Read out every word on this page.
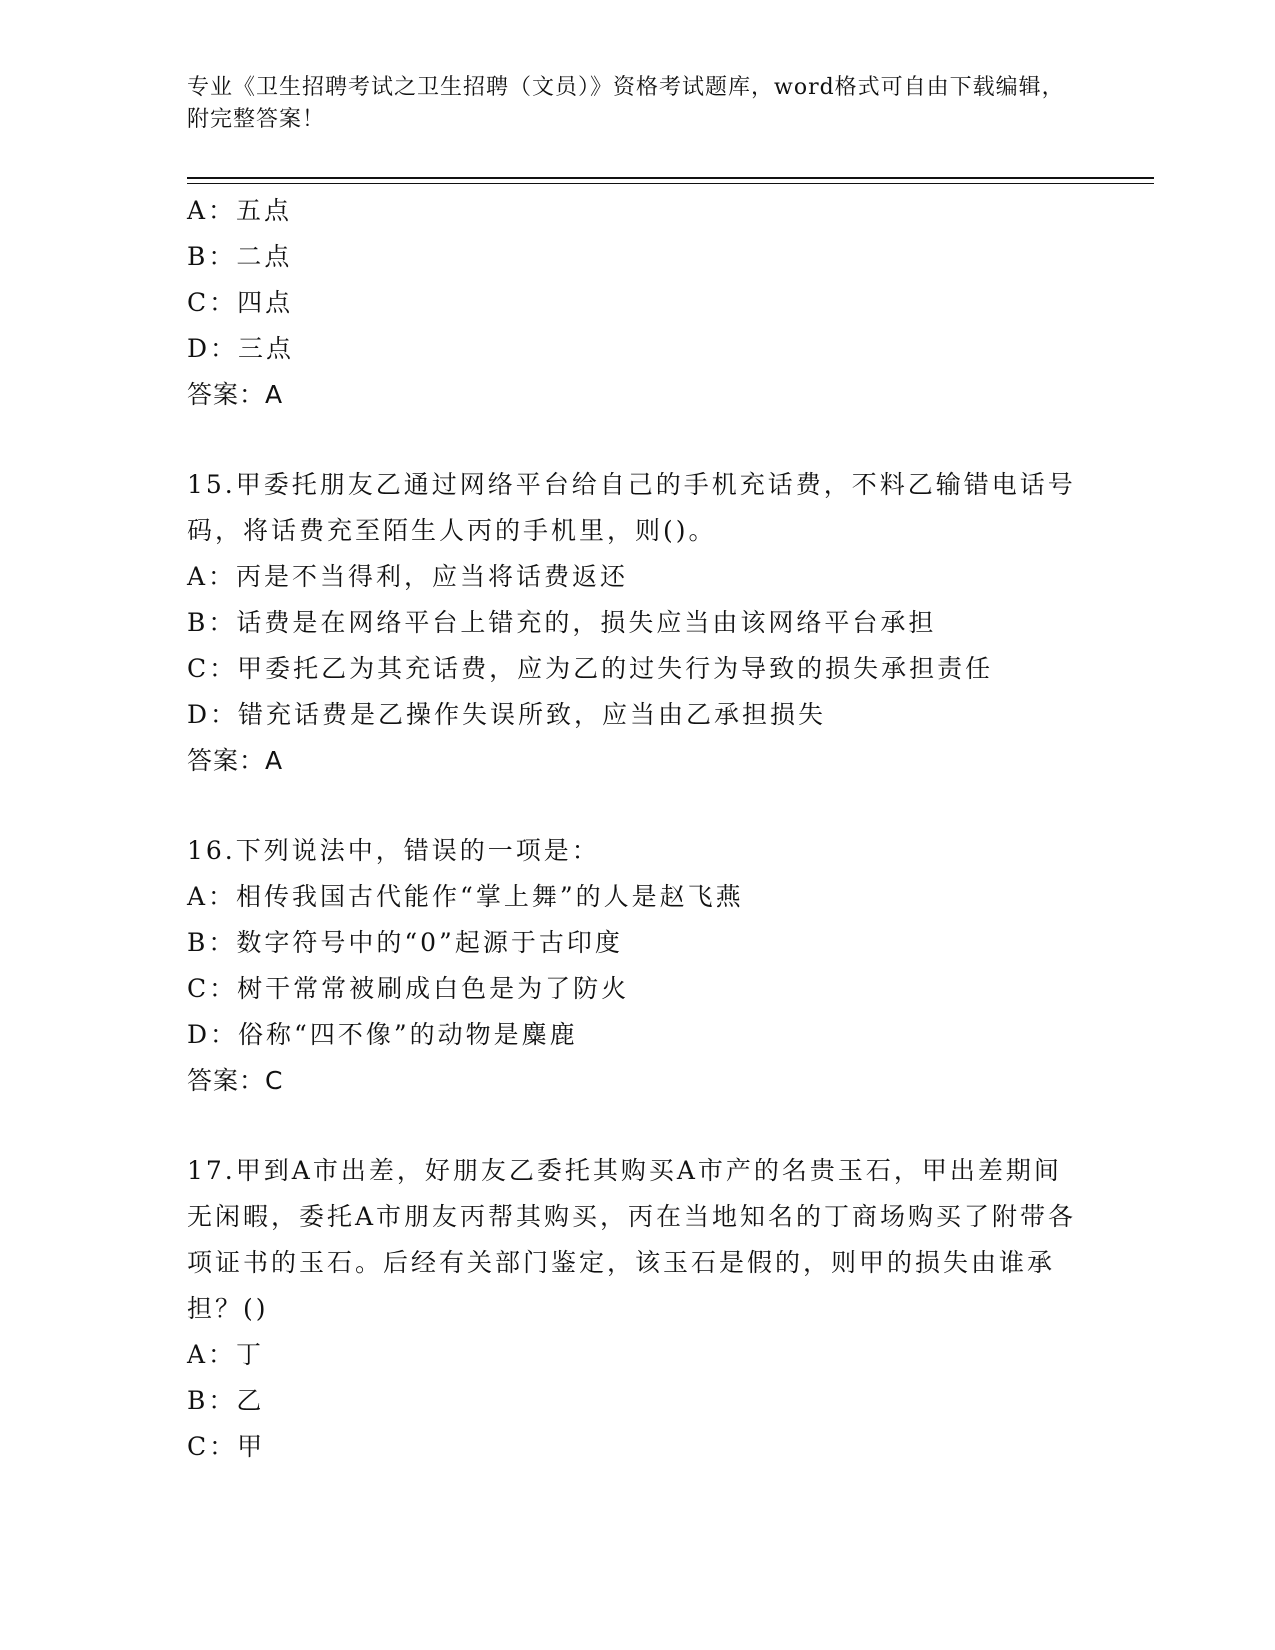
专业《卫生招聘考试之卫生招聘（文员）》资格考试题库，word格式可自由下载编辑，附完整答案！
A：五点
B：二点
C：四点
D：三点
答案：A
15.甲委托朋友乙通过网络平台给自己的手机充话费，不料乙输错电话号码，将话费充至陌生人丙的手机里，则()。
A：丙是不当得利，应当将话费返还
B：话费是在网络平台上错充的，损失应当由该网络平台承担
C：甲委托乙为其充话费，应为乙的过失行为导致的损失承担责任
D：错充话费是乙操作失误所致，应当由乙承担损失
答案：A
16.下列说法中，错误的一项是：
A：相传我国古代能作“掌上舞”的人是赵飞燕
B：数字符号中的“0”起源于古印度
C：树干常常被刷成白色是为了防火
D：俗称“四不像”的动物是麋鹿
答案：C
17.甲到A市出差，好朋友乙委托其购买A市产的名贵玉石，甲出差期间无闲暇，委托A市朋友丙帮其购买，丙在当地知名的丁商场购买了附带各项证书的玉石。后经有关部门鉴定，该玉石是假的，则甲的损失由谁承担？()
A：丁
B：乙
C：甲
